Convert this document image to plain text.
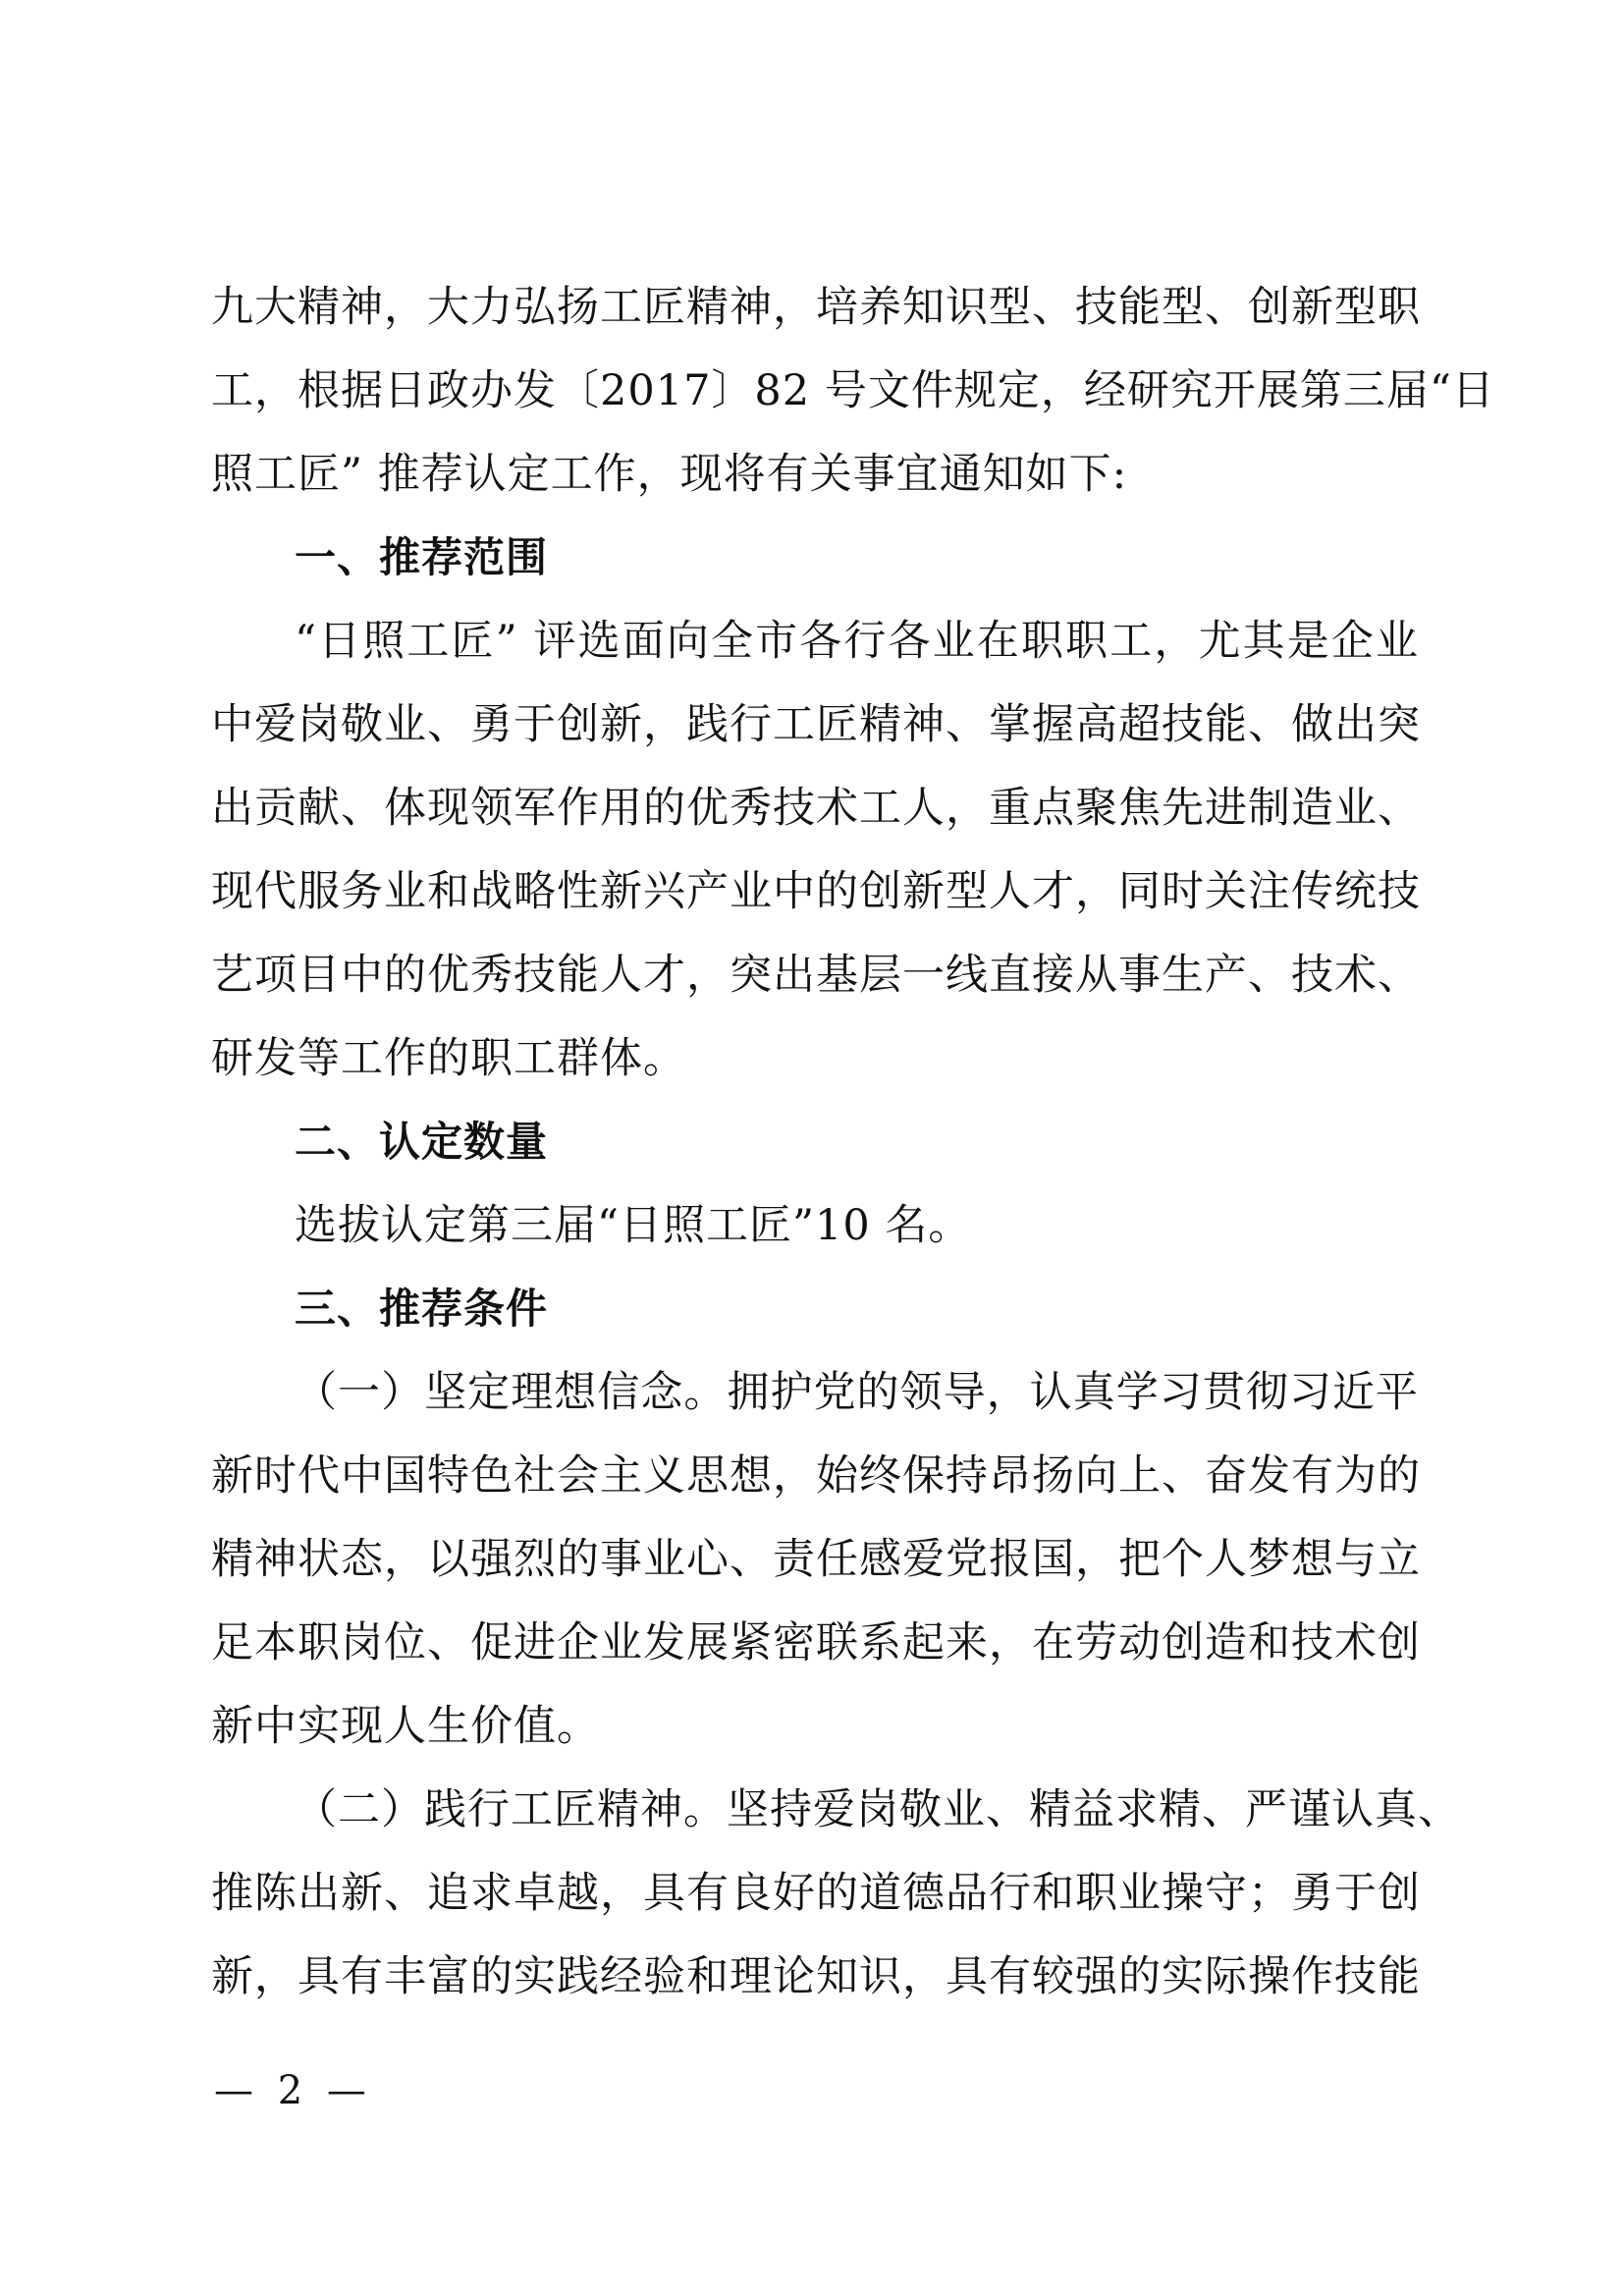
九大精神，大力弘扬工匠精神，培养知识型、技能型、创新型职
工，根据日政办发〔2017〕82 号文件规定，经研究开展第三届“日
照工匠” 推荐认定工作，现将有关事宜通知如下:
一、推荐范围
“日照工匠” 评选面向全市各行各业在职职工，尤其是企业
中爱岗敬业、勇于创新，践行工匠精神、掌握高超技能、做出突
出贡献、体现领军作用的优秀技术工人，重点聚焦先进制造业、
现代服务业和战略性新兴产业中的创新型人才，同时关注传统技
艺项目中的优秀技能人才，突出基层一线直接从事生产、技术、
研发等工作的职工群体。
二、认定数量
选拔认定第三届“日照工匠”10 名。
三、推荐条件
（一）坚定理想信念。拥护党的领导，认真学习贯彻习近平
新时代中国特色社会主义思想，始终保持昂扬向上、奋发有为的
精神状态，以强烈的事业心、责任感爱党报国，把个人梦想与立
足本职岗位、促进企业发展紧密联系起来，在劳动创造和技术创
新中实现人生价值。
（二）践行工匠精神。坚持爱岗敬业、精益求精、严谨认真、
推陈出新、追求卓越，具有良好的道德品行和职业操守；勇于创
新，具有丰富的实践经验和理论知识，具有较强的实际操作技能
— 2 —
